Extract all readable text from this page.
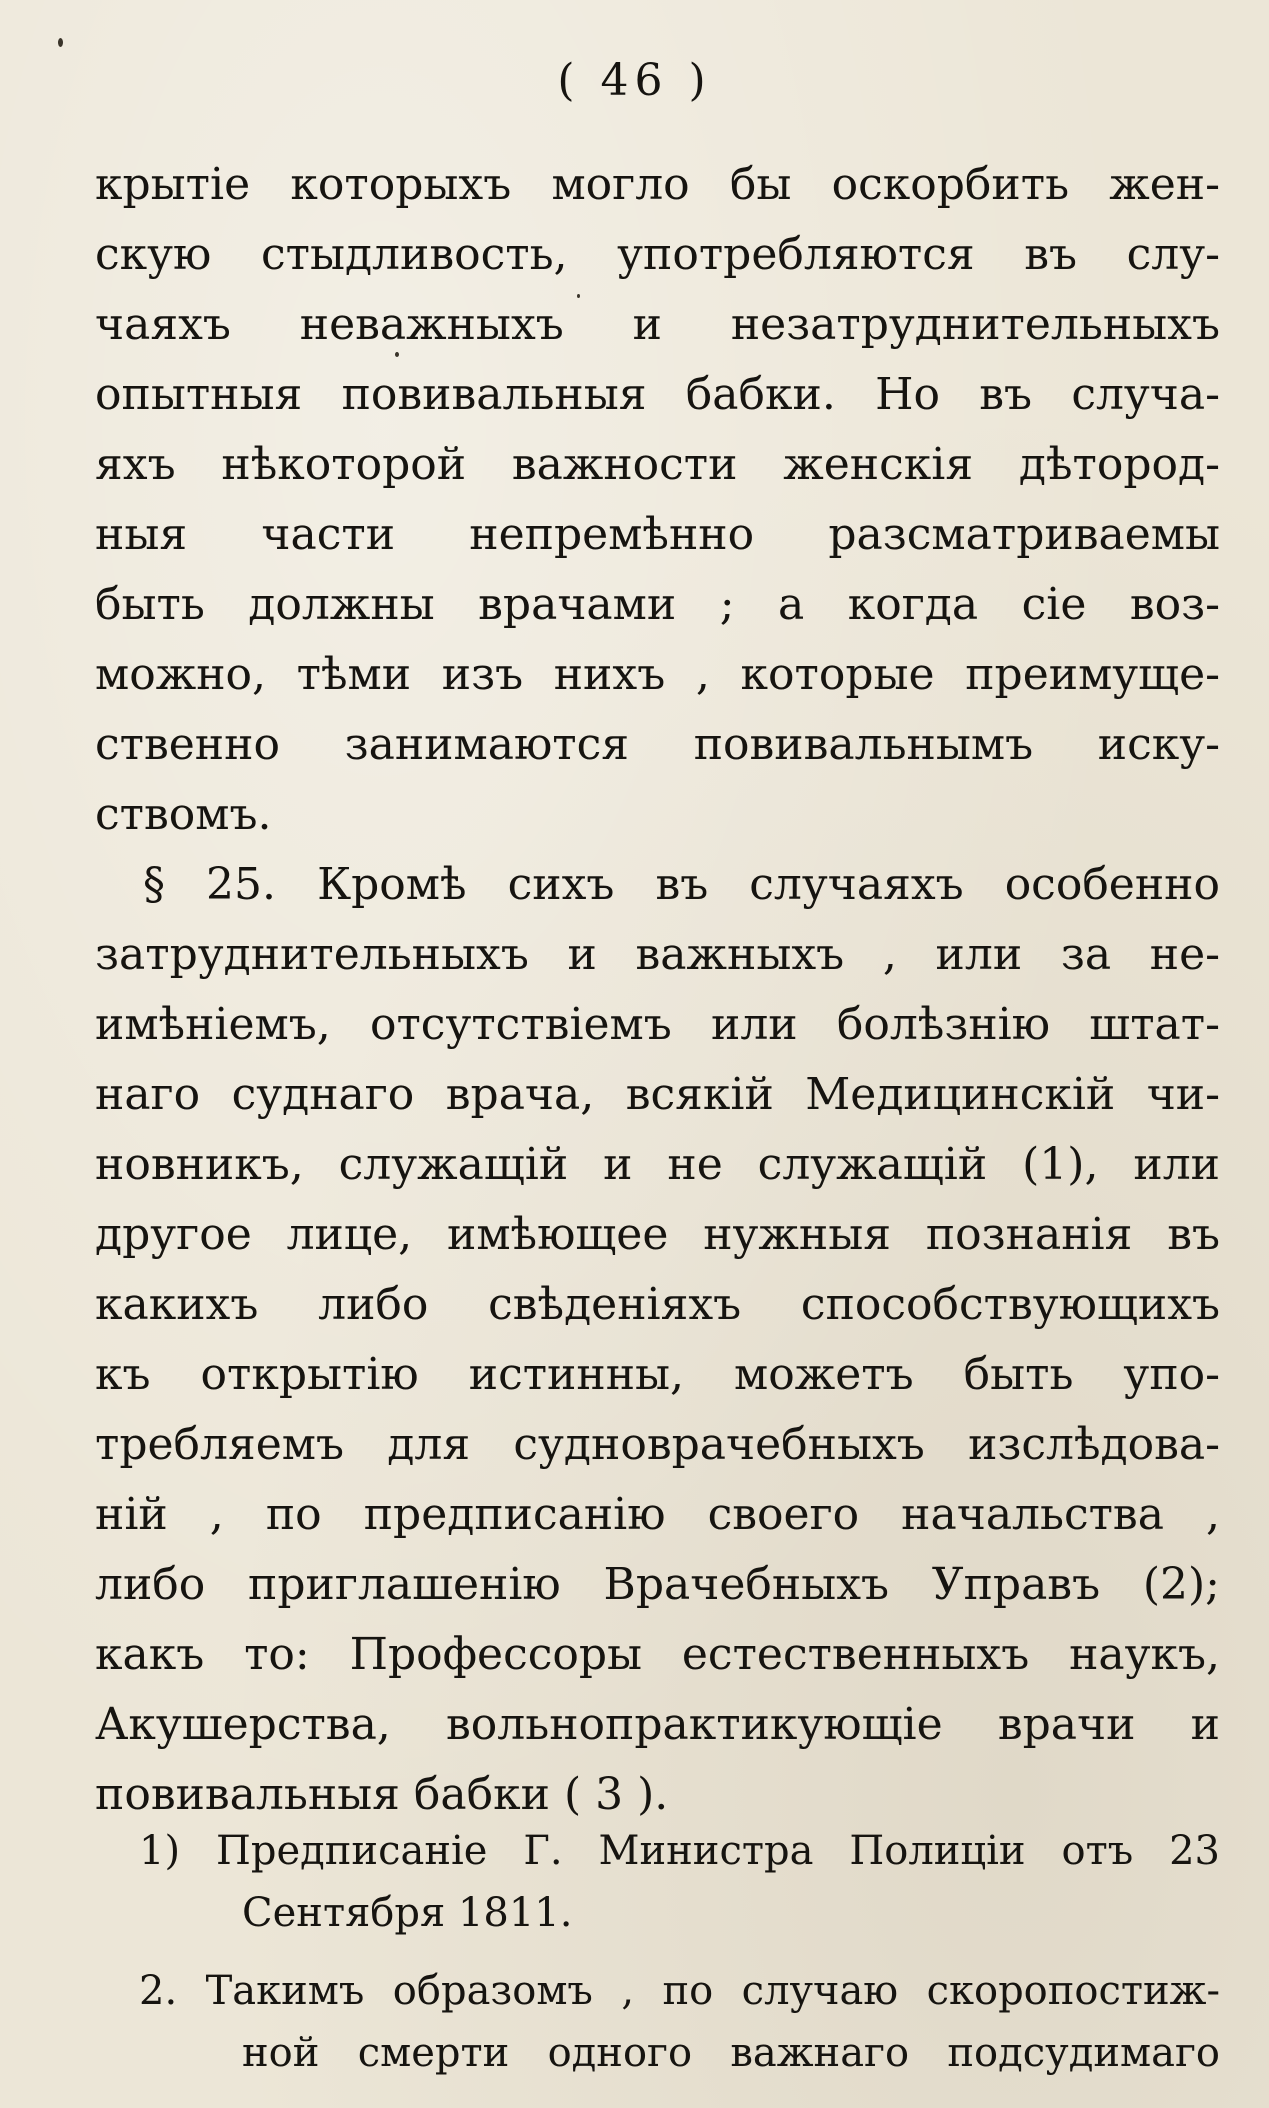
( 46 )
крытіе которыхъ могло бы оскорбить жен-
скую стыдливость, употребляются въ слу-
чаяхъ неважныхъ и незатруднительныхъ
опытныя повивальныя бабки. Но въ случа-
яхъ нѣкоторой важности женскія дѣтород-
ныя части непремѣнно разсматриваемы
быть должны врачами ; а когда сіе воз-
можно, тѣми изъ нихъ , которые преимуще-
ственно занимаются повивальнымъ иску-
ствомъ.
§ 25. Кромѣ сихъ въ случаяхъ особенно
затруднительныхъ и важныхъ , или за не-
имѣніемъ, отсутствіемъ или болѣзнію штат-
наго суднаго врача, всякій Медицинскій чи-
новникъ, служащій и не служащій (1), или
другое лице, имѣющее нужныя познанія въ
какихъ либо свѣденіяхъ способствующихъ
къ открытію истинны, можетъ быть упо-
требляемъ для судноврачебныхъ изслѣдова-
ній , по предписанію своего начальства ,
либо приглашенію Врачебныхъ Управъ (2);
какъ то: Профессоры естественныхъ наукъ,
Акушерства, вольнопрактикующіе врачи и
повивальныя бабки ( 3 ).
1) Предписаніе Г. Министра Полиціи отъ 23
Сентября 1811.
2. Такимъ образомъ , по случаю скоропостиж-
ной смерти одного важнаго подсудимаго
